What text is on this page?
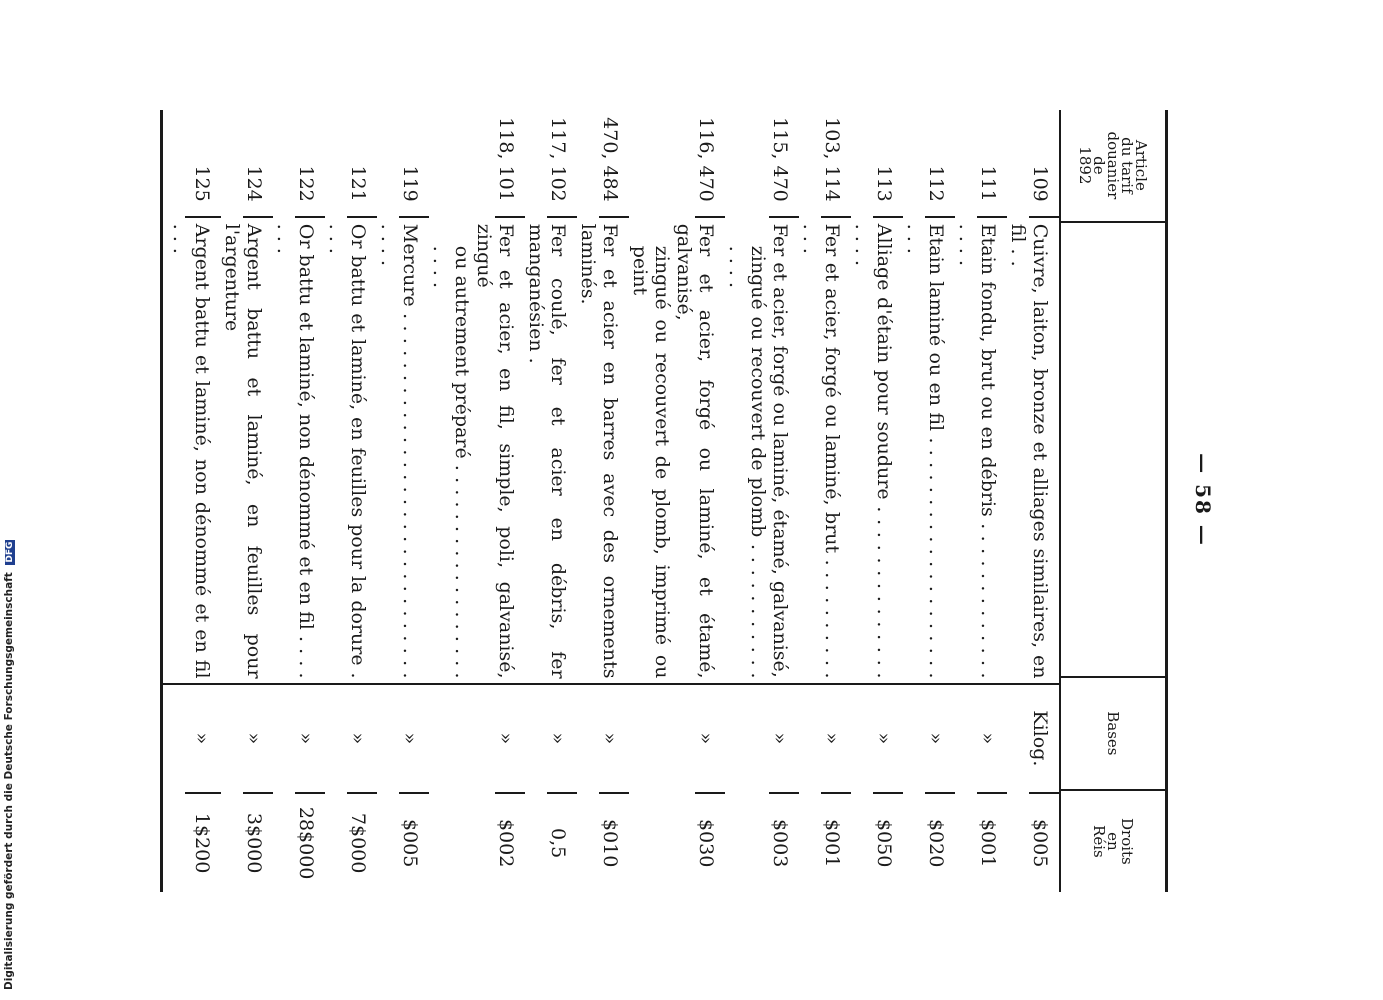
— 58 —
Article
du tarif
douanier
de
1892
Bases
Droits
en
Réis
109
Cuivre, laiton, bronze et alliages similaires, en fil . .
Kilog.
$005
111
Etain fondu, brut ou en débris . . . . . . . . . . . . . . . . .
»
$001
112
Etain laminé ou en fil . . . . . . . . . . . . . . . . . . . . . . .
»
$020
113
Alliage d'étain pour soudure . . . . . . . . . . . . . . . . . .
»
$050
103, 114
Fer et acier, forgé ou laminé, brut . . . . . . . . . . . . .
»
$001
115, 470
Fer et acier, forgé ou laminé, étamé, galvanisé,
zingué ou recouvert de plomb . . . . . . . . . . . . . . .
»
$003
116, 470
Fer et acier, forgé ou laminé, et étamé, galvanisé,
zingué ou recouvert de plomb, imprimé ou peint
»
$030
470, 484
Fer et acier en barres avec des ornements laminés.
»
$010
117, 102
Fer coulé, fer et acier en débris, fer manganésien .
»
0,5
118, 101
Fer et acier, en fil, simple, poli, galvanisé, zingué
ou autrement préparé . . . . . . . . . . . . . . . . . . . . . .
»
$002
119
Mercure . . . . . . . . . . . . . . . . . . . . . . . . . . . . . . . . . .
»
$005
121
Or battu et laminé, en feuilles pour la dorure . . . .
»
7$000
122
Or battu et laminé, non dénommé et en fil . . . . . . .
»
28$000
124
Argent battu et laminé, en feuilles pour l'argenture
»
3$000
125
Argent battu et laminé, non dénommé et en fil . . .
»
1$200
Digitalisierung gefördert durch die Deutsche Forschungsgemeinschaft DFG
